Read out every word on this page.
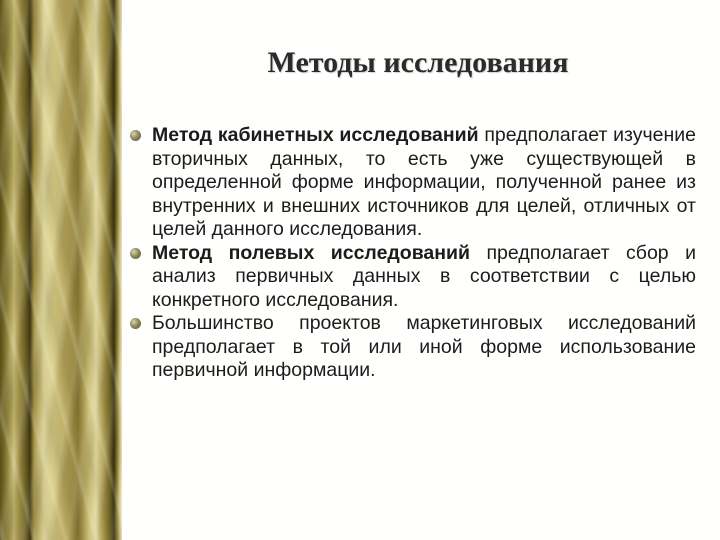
Методы исследования
Метод кабинетных исследований предполагает изучение вторичных данных, то есть уже существующей в определенной форме информации, полученной ранее из внутренних и внешних источников для целей, отличных от целей данного исследования.
Метод полевых исследований предполагает сбор и анализ первичных данных в соответствии с целью конкретного исследования.
Большинство проектов маркетинговых исследований предполагает в той или иной форме использование первичной информации.
